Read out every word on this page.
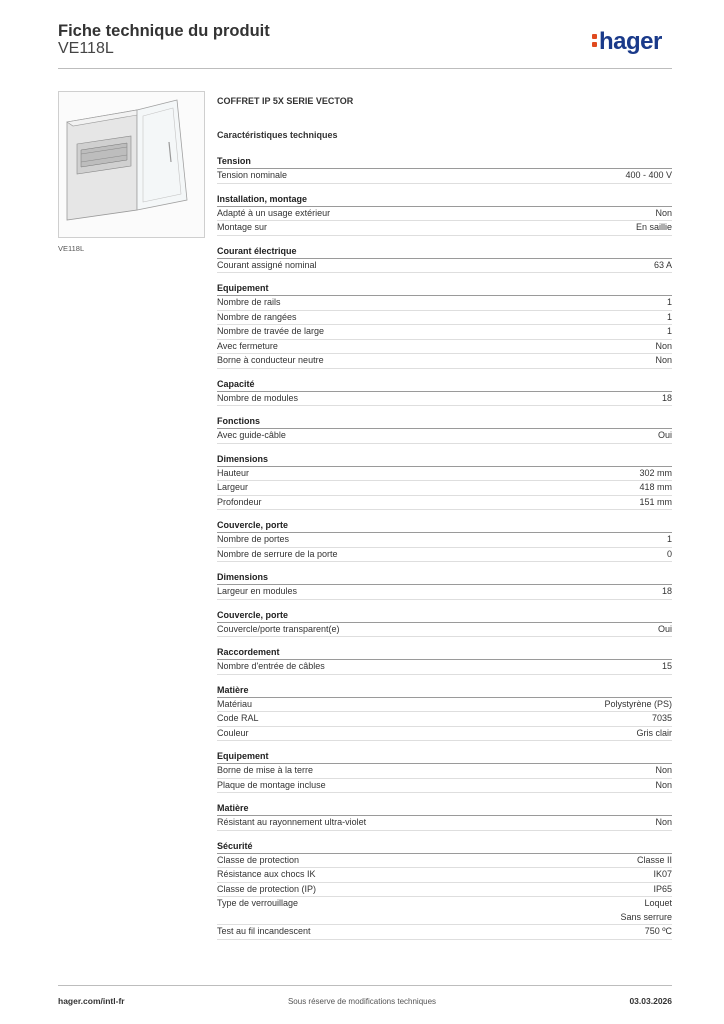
Fiche technique du produit
VE118L	hager
VE118L
COFFRET IP 5X SERIE VECTOR
Caractéristiques techniques
Tension
Tension nominale	400 - 400 V
Installation, montage
Adapté à un usage extérieur	Non
Montage sur	En saillie
Courant électrique
Courant assigné nominal	63 A
Equipement
Nombre de rails	1
Nombre de rangées	1
Nombre de travée de large	1
Avec fermeture	Non
Borne à conducteur neutre	Non
Capacité
Nombre de modules	18
Fonctions
Avec guide-câble	Oui
Dimensions
Hauteur	302 mm
Largeur	418 mm
Profondeur	151 mm
Couvercle, porte
Nombre de portes	1
Nombre de serrure de la porte	0
Dimensions
Largeur en modules	18
Couvercle, porte
Couvercle/porte transparent(e)	Oui
Raccordement
Nombre d'entrée de câbles	15
Matière
Matériau	Polystyrène (PS)
Code RAL	7035
Couleur	Gris clair
Equipement
Borne de mise à la terre	Non
Plaque de montage incluse	Non
Matière
Résistant au rayonnement ultra-violet	Non
Sécurité
Classe de protection	Classe II
Résistance aux chocs IK	IK07
Classe de protection (IP)	IP65
Type de verrouillage	Loquet
Sans serrure
Test au fil incandescent	750 ºC
hager.com/intl-fr	Sous réserve de modifications techniques	03.03.2026
